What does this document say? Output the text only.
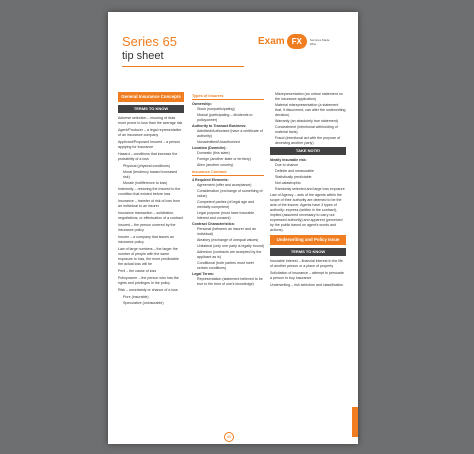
Series 65
tip sheet
Exam FX	Services Made Wise
General Insurance Concepts
TERMS TO KNOW
Adverse selection – insuring of risks more prone to loss than the average risk
Agent/Producer – a legal representative of an insurance company
Applicant/Proposed Insured – a person applying for insurance
Hazard – conditions that increase the probability of a loss
Physical (physical conditions)
Moral (tendency toward increased risk)
Morale (indifference to loss)
Indemnity – restoring the insured to the condition that existed before loss
Insurance – transfer of risk of loss from an individual to an insurer
Insurance transaction – solicitation, negotiations, or effectuation of a contract
Insured – the person covered by the insurance policy
Insurer – a company that issues an insurance policy
Law of large numbers – the larger the number of people with the same exposure to loss, the more predictable the actual loss will be
Peril – the cause of loss
Policyowner – the person who has the rights and privileges in the policy
Risk – uncertainty or chance of a loss
Pure (insurable)
Speculative (uninsurable)
Types of Insurers
Ownership:
Stock (nonparticipating)
Mutual (participating – dividends to policyowner)
Authority to Transact Business:
Admitted/Authorized (have a certificate of authority)
Nonadmitted/Unauthorized
Location (Domicile):
Domestic (this state)
Foreign (another state or territory)
Alien (another country)
Insurance Contract
4 Required Elements:
Agreement (offer and acceptance)
Consideration (exchange of something of value)
Competent parties (of legal age and mentally competent)
Legal purpose (must have insurable interest and consent)
Contract Characteristics:
Personal (between an insurer and an individual)
Aleatory (exchange of unequal values)
Unilateral (only one party is legally bound)
Adhesion (contracts are accepted by the applicant as is)
Conditional (both parties must meet certain conditions)
Legal Terms:
Representation (statement believed to be true to the best of one's knowledge)
Misrepresentation (an untrue statement on the insurance application)
Material misrepresentation (a statement that, if discovered, can alter the underwriting decision)
Warranty (an absolutely true statement)
Concealment (intentional withholding of material facts)
Fraud (intentional act with the purpose of deceiving another party)
TAKE NOTE!
Ideally insurable risk:
Due to chance
Definite and measurable
Statistically predictable
Not catastrophic
Randomly selected and large loss exposure
Law of Agency – acts of the agents within the scope of their authority are deemed to be the acts of the insurer. Agents have 3 types of authority: express (written in the contract), implied (assumed necessary to carry out expressed authority) and apparent (perceived by the public based on agent's words and actions).
Underwriting and Policy Issue
TERMS TO KNOW
Insurable interest – financial interest in the life of another person or a place of property
Solicitation of insurance – attempt to persuade a person to buy insurance
Underwriting – risk selection and classification
69
